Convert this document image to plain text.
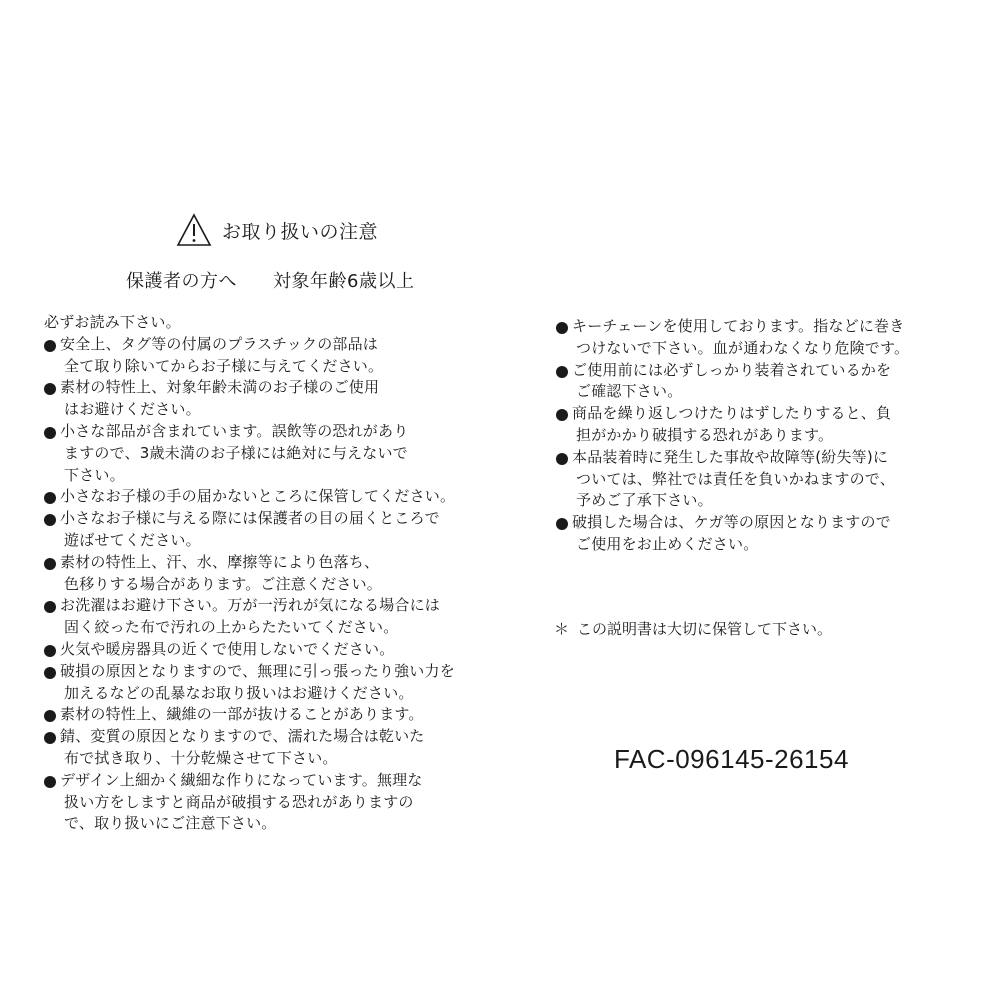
お取り扱いの注意
保護者の方へ 対象年齢6歳以上
必ずお読み下さい。
安全上、タグ等の付属のプラスチックの部品は
全て取り除いてからお子様に与えてください。
素材の特性上、対象年齢未満のお子様のご使用
はお避けください。
小さな部品が含まれています。誤飲等の恐れがあり
ますので、3歳未満のお子様には絶対に与えないで
下さい。
小さなお子様の手の届かないところに保管してください。
小さなお子様に与える際には保護者の目の届くところで
遊ばせてください。
素材の特性上、汗、水、摩擦等により色落ち、
色移りする場合があります。ご注意ください。
お洗濯はお避け下さい。万が一汚れが気になる場合には
固く絞った布で汚れの上からたたいてください。
火気や暖房器具の近くで使用しないでください。
破損の原因となりますので、無理に引っ張ったり強い力を
加えるなどの乱暴なお取り扱いはお避けください。
素材の特性上、繊維の一部が抜けることがあります。
錆、変質の原因となりますので、濡れた場合は乾いた
布で拭き取り、十分乾燥させて下さい。
デザイン上細かく繊細な作りになっています。無理な
扱い方をしますと商品が破損する恐れがありますの
で、取り扱いにご注意下さい。
キーチェーンを使用しております。指などに巻き
つけないで下さい。血が通わなくなり危険です。
ご使用前には必ずしっかり装着されているかを
ご確認下さい。
商品を繰り返しつけたりはずしたりすると、負
担がかかり破損する恐れがあります。
本品装着時に発生した事故や故障等(紛失等)に
ついては、弊社では責任を負いかねますので、
予めご了承下さい。
破損した場合は、ケガ等の原因となりますので
ご使用をお止めください。
＊ この説明書は大切に保管して下さい。
FAC-096145-26154
